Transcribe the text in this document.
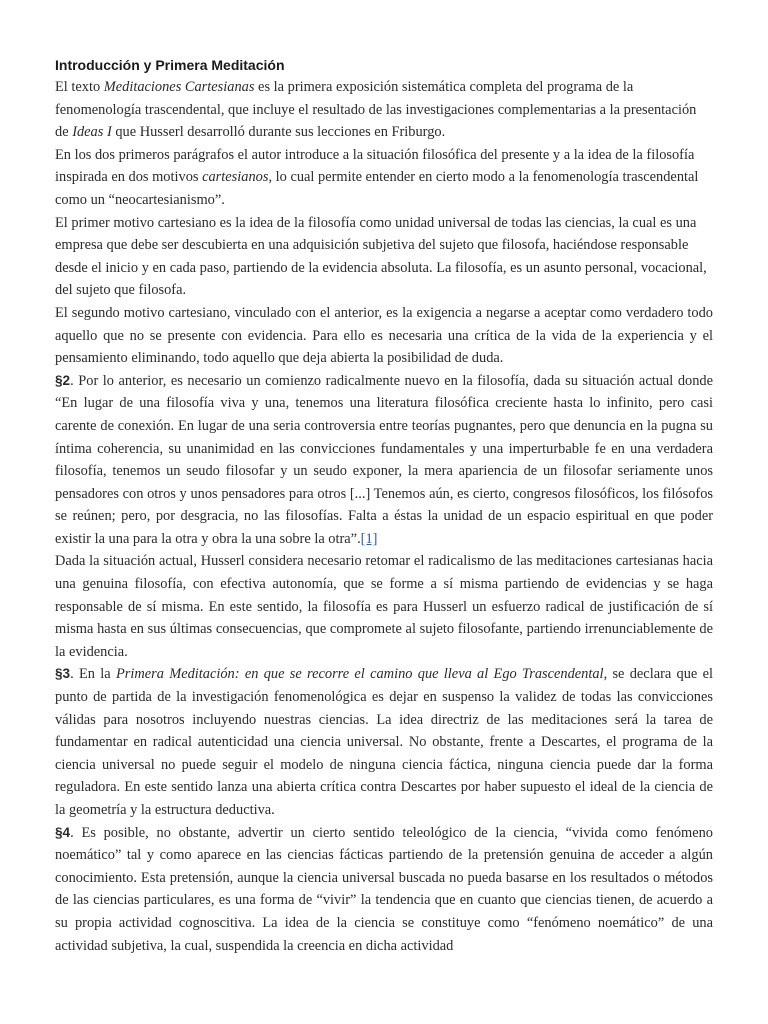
Introducción y Primera Meditación

El texto Meditaciones Cartesianas es la primera exposición sistemática completa del programa de la fenomenología trascendental, que incluye el resultado de las investigaciones complementarias a la presentación de Ideas I que Husserl desarrolló durante sus lecciones en Friburgo.

En los dos primeros parágrafos el autor introduce a la situación filosófica del presente y a la idea de la filosofía inspirada en dos motivos cartesianos, lo cual permite entender en cierto modo a la fenomenología trascendental como un “neocartesianismo”.

El primer motivo cartesiano es la idea de la filosofía como unidad universal de todas las ciencias, la cual es una empresa que debe ser descubierta en una adquisición subjetiva del sujeto que filosofa, haciéndose responsable desde el inicio y en cada paso, partiendo de la evidencia absoluta. La filosofía, es un asunto personal, vocacional, del sujeto que filosofa.

El segundo motivo cartesiano, vinculado con el anterior, es la exigencia a negarse a aceptar como verdadero todo aquello que no se presente con evidencia. Para ello es necesaria una crítica de la vida de la experiencia y el pensamiento eliminando, todo aquello que deja abierta la posibilidad de duda.

§2. Por lo anterior, es necesario un comienzo radicalmente nuevo en la filosofía, dada su situación actual donde “En lugar de una filosofía viva y una, tenemos una literatura filosófica creciente hasta lo infinito, pero casi carente de conexión. En lugar de una seria controversia entre teorías pugnantes, pero que denuncia en la pugna su íntima coherencia, su unanimidad en las convicciones fundamentales y una imperturbable fe en una verdadera filosofía, tenemos un seudo filosofar y un seudo exponer, la mera apariencia de un filosofar seriamente unos pensadores con otros y unos pensadores para otros [...] Tenemos aún, es cierto, congresos filosóficos, los filósofos se reúnen; pero, por desgracia, no las filosofías. Falta a éstas la unidad de un espacio espiritual en que poder existir la una para la otra y obra la una sobre la otra”.[1]

Dada la situación actual, Husserl considera necesario retomar el radicalismo de las meditaciones cartesianas hacia una genuina filosofía, con efectiva autonomía, que se forme a sí misma partiendo de evidencias y se haga responsable de sí misma. En este sentido, la filosofía es para Husserl un esfuerzo radical de justificación de sí misma hasta en sus últimas consecuencias, que compromete al sujeto filosofante, partiendo irrenunciablemente de la evidencia.

§3. En la Primera Meditación: en que se recorre el camino que lleva al Ego Trascendental, se declara que el punto de partida de la investigación fenomenológica es dejar en suspenso la validez de todas las convicciones válidas para nosotros incluyendo nuestras ciencias. La idea directriz de las meditaciones será la tarea de fundamentar en radical autenticidad una ciencia universal. No obstante, frente a Descartes, el programa de la ciencia universal no puede seguir el modelo de ninguna ciencia fáctica, ninguna ciencia puede dar la forma reguladora. En este sentido lanza una abierta crítica contra Descartes por haber supuesto el ideal de la ciencia de la geometría y la estructura deductiva.

§4. Es posible, no obstante, advertir un cierto sentido teleológico de la ciencia, “vivida como fenómeno noemático” tal y como aparece en las ciencias fácticas partiendo de la pretensión genuina de acceder a algún conocimiento. Esta pretensión, aunque la ciencia universal buscada no pueda basarse en los resultados o métodos de las ciencias particulares, es una forma de “vivir” la tendencia que en cuanto que ciencias tienen, de acuerdo a su propia actividad cognoscitiva. La idea de la ciencia se constituye como “fenómeno noemático” de una actividad subjetiva, la cual, suspendida la creencia en dicha actividad
